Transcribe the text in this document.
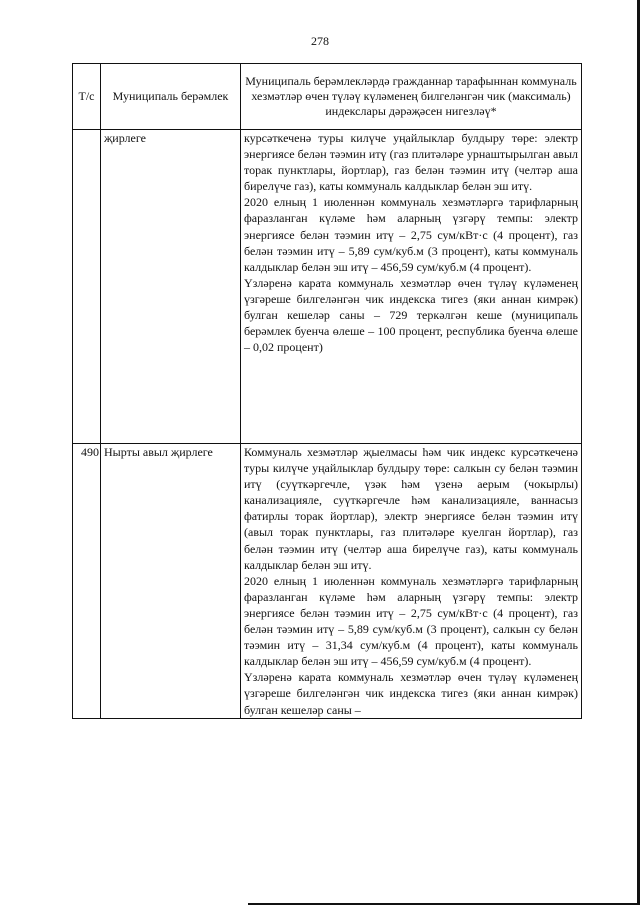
278
Т/с	Муниципаль берәмлек	Муниципаль берәмлекләрдә гражданнар тарафыннан коммуналь хезмәтләр өчен түләү күләменең билгеләнгән чик (максималь) индекслары дәрәҗәсен нигезләү*
	җирлеге	курсәткеченә туры килүче уңайлыклар булдыру төре: электр энергиясе белән тәэмин итү (газ плитәләре урнаштырылган авыл торак пунктлары, йортлар), газ белән тәэмин итү (челтәр аша бирелүче газ), каты коммуналь калдыклар белән эш итү.
2020 елның 1 июленнән коммуналь хезмәтләргә тарифларның фаразланган күләме һәм аларның үзгәрү темпы: электр энергиясе белән тәэмин итү – 2,75 сум/кВт·с (4 процент), газ белән тәэмин итү – 5,89 сум/куб.м (3 процент), каты коммуналь калдыклар белән эш итү – 456,59 сум/куб.м (4 процент).
Үзләренә карата коммуналь хезмәтләр өчен түләү күләменең үзгәреше билгеләнгән чик индекска тигез (яки аннан кимрәк) булган кешеләр саны – 729 теркәлгән кеше (муниципаль берәмлек буенча өлеше – 100 процент, республика буенча өлеше – 0,02 процент)

490	Нырты авыл җирлеге	Коммуналь хезмәтләр җыелмасы һәм чик индекс курсәткеченә туры килүче уңайлыклар булдыру төре: салкын су белән тәэмин итү (суүткәргечле, үзәк һәм үзенә аерым (чокырлы) канализацияле, суүткәргечле һәм канализацияле, ваннасыз фатирлы торак йортлар), электр энергиясе белән тәэмин итү (авыл торак пунктлары, газ плитәләре куелган йортлар), газ белән тәэмин итү (челтәр аша бирелүче газ), каты коммуналь калдыклар белән эш итү.
2020 елның 1 июленнән коммуналь хезмәтләргә тарифларның фаразланган күләме һәм аларның үзгәрү темпы: электр энергиясе белән тәэмин итү – 2,75 сум/кВт·с (4 процент), газ белән тәэмин итү – 5,89 сум/куб.м (3 процент), салкын су белән тәэмин итү – 31,34 сум/куб.м (4 процент), каты коммуналь калдыклар белән эш итү – 456,59 сум/куб.м (4 процент).
Үзләренә карата коммуналь хезмәтләр өчен түләү күләменең үзгәреше билгеләнгән чик индекска тигез (яки аннан кимрәк) булган кешеләр саны –
